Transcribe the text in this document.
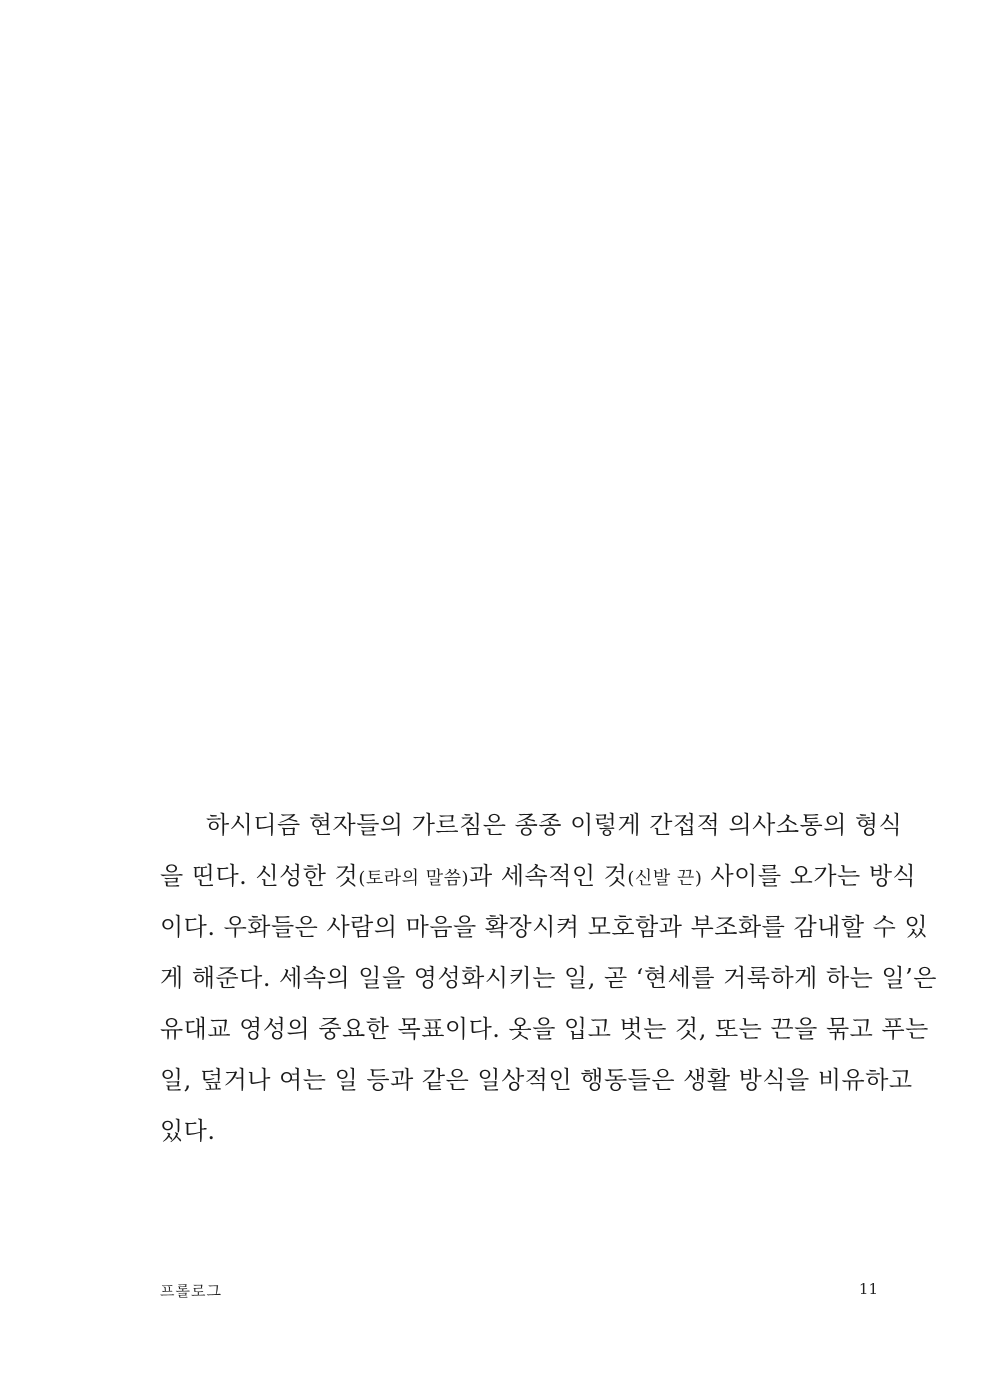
하시디즘 현자들의 가르침은 종종 이렇게 간접적 의사소통의 형식
을 띤다. 신성한 것(토라의 말씀)과 세속적인 것(신발 끈) 사이를 오가는 방식
이다. 우화들은 사람의 마음을 확장시켜 모호함과 부조화를 감내할 수 있
게 해준다. 세속의 일을 영성화시키는 일, 곧 ‘현세를 거룩하게 하는 일’은
유대교 영성의 중요한 목표이다. 옷을 입고 벗는 것, 또는 끈을 묶고 푸는
일, 덮거나 여는 일 등과 같은 일상적인 행동들은 생활 방식을 비유하고
있다.
프롤로그	11
